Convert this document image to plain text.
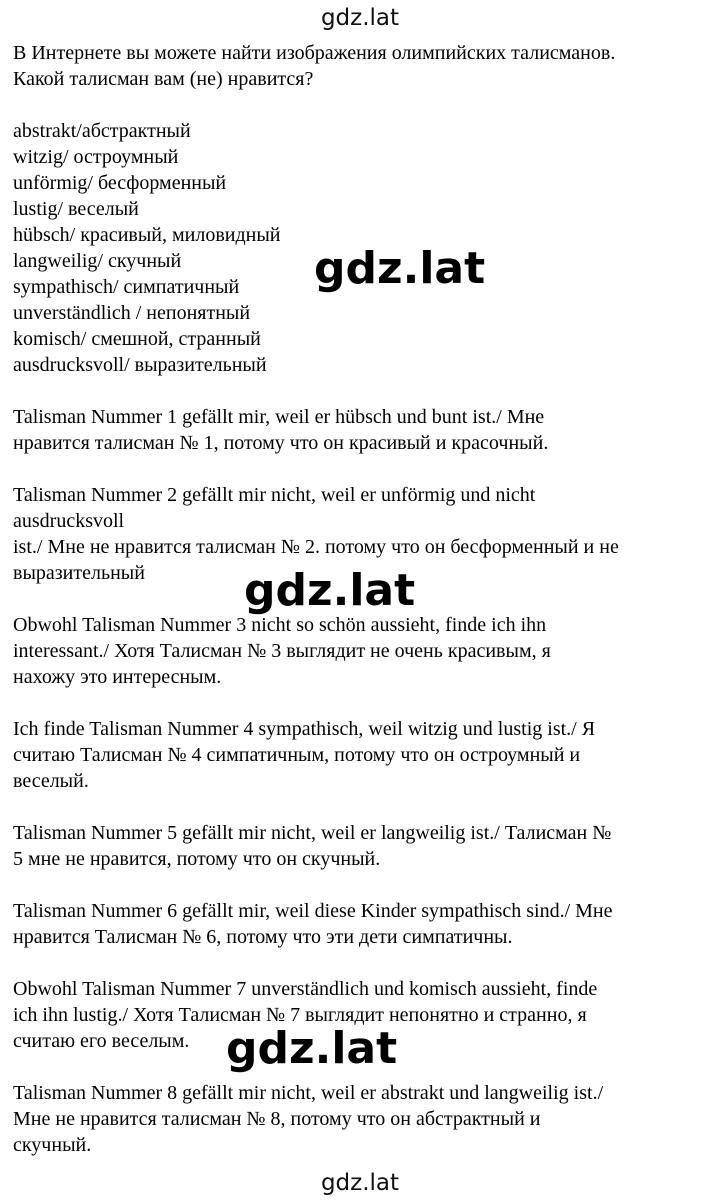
gdz.lat
В Интернете вы можете найти изображения олимпийских талисманов.
Какой талисман вам (не) нравится?
abstrakt/абстрактный
witzig/ остроумный
unförmig/ бесформенный
lustig/ веселый
hübsch/ красивый, миловидный
langweilig/ скучный
sympathisch/ симпатичный
unverständlich / непонятный
komisch/ смешной, странный
ausdrucksvoll/ выразительный
Talisman Nummer 1 gefällt mir, weil er hübsch und bunt ist./ Мне
нравится талисман № 1, потому что он красивый и красочный.
Talisman Nummer 2 gefällt mir nicht, weil er unförmig und nicht
ausdrucksvoll
ist./ Мне не нравится талисман № 2. потому что он бесформенный и не
выразительный
Obwohl Talisman Nummer 3 nicht so schön aussieht, finde ich ihn
interessant./ Хотя Талисман № 3 выглядит не очень красивым, я
нахожу это интересным.
Ich finde Talisman Nummer 4 sympathisch, weil witzig und lustig ist./ Я
считаю Талисман № 4 симпатичным, потому что он остроумный и
веселый.
Talisman Nummer 5 gefällt mir nicht, weil er langweilig ist./ Талисман №
5 мне не нравится, потому что он скучный.
Talisman Nummer 6 gefällt mir, weil diese Kinder sympathisch sind./ Мне
нравится Талисман № 6, потому что эти дети симпатичны.
Obwohl Talisman Nummer 7 unverständlich und komisch aussieht, finde
ich ihn lustig./ Хотя Талисман № 7 выглядит непонятно и странно, я
считаю его веселым.
Talisman Nummer 8 gefällt mir nicht, weil er abstrakt und langweilig ist./
Мне не нравится талисман № 8, потому что он абстрактный и
скучный.
gdz.lat
gdz.lat
gdz.lat
gdz.lat
